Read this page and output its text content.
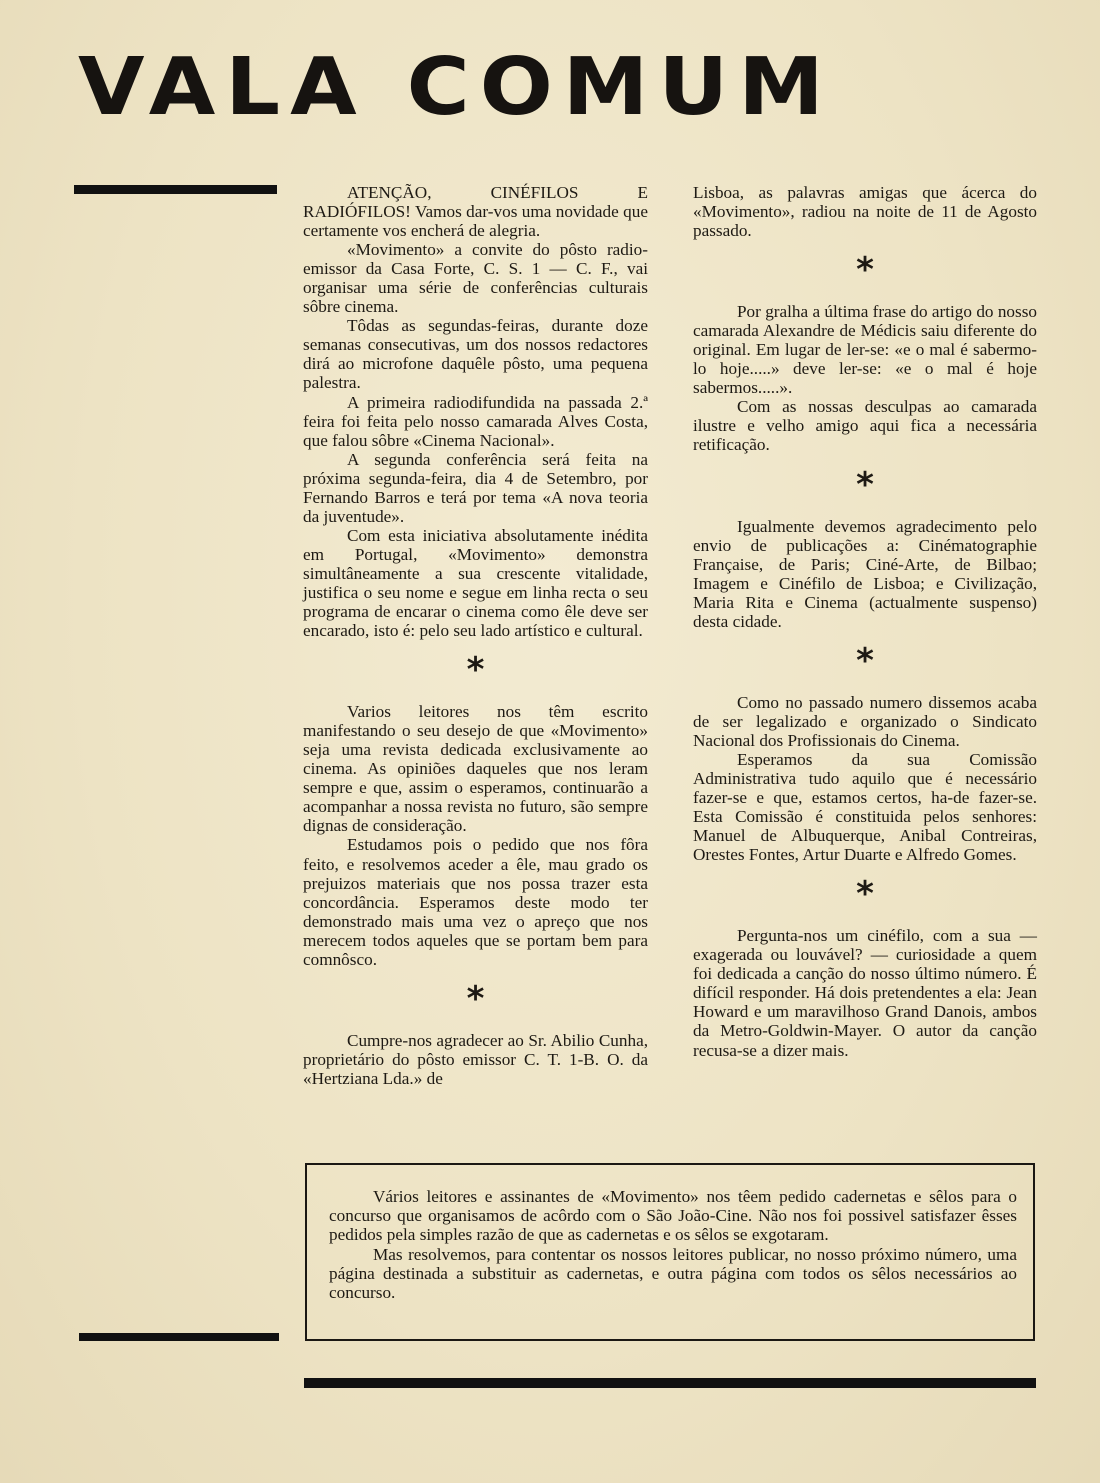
VALA COMUM

ATENÇÃO, CINÉFILOS E RADIÓFILOS! Vamos dar-vos uma novidade que certamente vos encherá de alegria.

«Movimento» a convite do pôsto radio-emissor da Casa Forte, C. S. 1 — C. F., vai organisar uma série de conferências culturais sôbre cinema.

Tôdas as segundas-feiras, durante doze semanas consecutivas, um dos nossos redactores dirá ao microfone daquêle pôsto, uma pequena palestra.

A primeira radiodifundida na passada 2.ª feira foi feita pelo nosso camarada Alves Costa, que falou sôbre «Cinema Nacional».

A segunda conferência será feita na próxima segunda-feira, dia 4 de Setembro, por Fernando Barros e terá por tema «A nova teoria da juventude».

Com esta iniciativa absolutamente inédita em Portugal, «Movimento» demonstra simultâneamente a sua crescente vitalidade, justifica o seu nome e segue em linha recta o seu programa de encarar o cinema como êle deve ser encarado, isto é: pelo seu lado artístico e cultural.

*

Varios leitores nos têm escrito manifestando o seu desejo de que «Movimento» seja uma revista dedicada exclusivamente ao cinema. As opiniões daqueles que nos leram sempre e que, assim o esperamos, continuarão a acompanhar a nossa revista no futuro, são sempre dignas de consideração.

Estudamos pois o pedido que nos fôra feito, e resolvemos aceder a êle, mau grado os prejuizos materiais que nos possa trazer esta concordância. Esperamos deste modo ter demonstrado mais uma vez o apreço que nos merecem todos aqueles que se portam bem para comnôsco.

*

Cumpre-nos agradecer ao Sr. Abilio Cunha, proprietário do pôsto emissor C. T. 1-B. O. da «Hertziana Lda.» de

Lisboa, as palavras amigas que ácerca do «Movimento», radiou na noite de 11 de Agosto passado.

*

Por gralha a última frase do artigo do nosso camarada Alexandre de Médicis saiu diferente do original. Em lugar de ler-se: «e o mal é sabermo-lo hoje.....» deve ler-se: «e o mal é hoje sabermos.....».

Com as nossas desculpas ao camarada ilustre e velho amigo aqui fica a necessária retificação.

*

Igualmente devemos agradecimento pelo envio de publicações a: Cinématographie Française, de Paris; Ciné-Arte, de Bilbao; Imagem e Cinéfilo de Lisboa; e Civilização, Maria Rita e Cinema (actualmente suspenso) desta cidade.

*

Como no passado numero dissemos acaba de ser legalizado e organizado o Sindicato Nacional dos Profissionais do Cinema.

Esperamos da sua Comissão Administrativa tudo aquilo que é necessário fazer-se e que, estamos certos, ha-de fazer-se. Esta Comissão é constituida pelos senhores: Manuel de Albuquerque, Anibal Contreiras, Orestes Fontes, Artur Duarte e Alfredo Gomes.

*

Pergunta-nos um cinéfilo, com a sua — exagerada ou louvável? — curiosidade a quem foi dedicada a canção do nosso último número. É difícil responder. Há dois pretendentes a ela: Jean Howard e um maravilhoso Grand Danois, ambos da Metro-Goldwin-Mayer. O autor da canção recusa-se a dizer mais.

Vários leitores e assinantes de «Movimento» nos têem pedido cadernetas e sêlos para o concurso que organisamos de acôrdo com o São João-Cine. Não nos foi possivel satisfazer êsses pedidos pela simples razão de que as cadernetas e os sêlos se exgotaram.

Mas resolvemos, para contentar os nossos leitores publicar, no nosso próximo número, uma página destinada a substituir as cadernetas, e outra página com todos os sêlos necessários ao concurso.
